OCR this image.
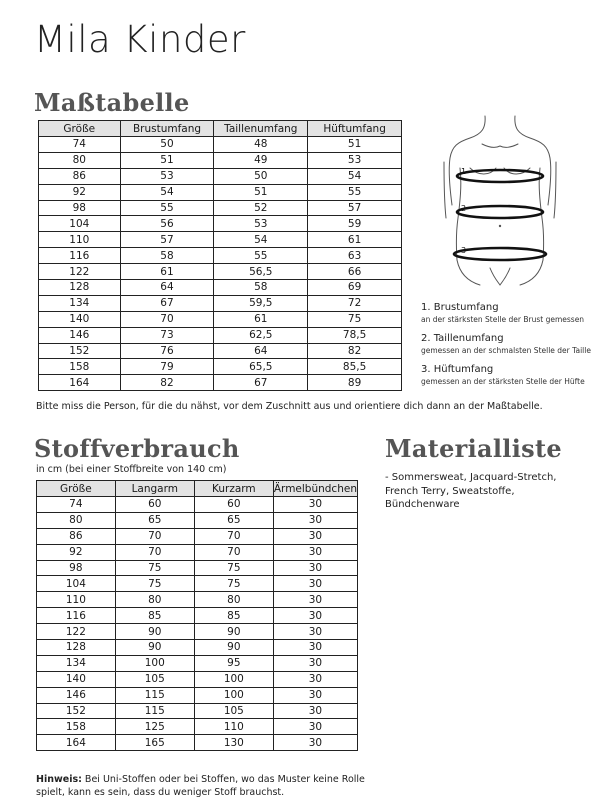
Mila Kinder
Maßtabelle
Größe	Brustumfang	Taillenumfang	Hüftumfang
74	50	48	51
80	51	49	53
86	53	50	54
92	54	51	55
98	55	52	57
104	56	53	59
110	57	54	61
116	58	55	63
122	61	56,5	66
128	64	58	69
134	67	59,5	72
140	70	61	75
146	73	62,5	78,5
152	76	64	82
158	79	65,5	85,5
164	82	67	89
Bitte miss die Person, für die du nähst, vor dem Zuschnitt aus und orientiere dich dann an der Maßtabelle.
1
2
3
1. Brustumfang
an der stärksten Stelle der Brust gemessen
2. Taillenumfang
gemessen an der schmalsten Stelle der Taille
3. Hüftumfang
gemessen an der stärksten Stelle der Hüfte
Stoffverbrauch
in cm (bei einer Stoffbreite von 140 cm)
Größe	Langarm	Kurzarm	Ärmelbündchen
74	60	60	30
80	65	65	30
86	70	70	30
92	70	70	30
98	75	75	30
104	75	75	30
110	80	80	30
116	85	85	30
122	90	90	30
128	90	90	30
134	100	95	30
140	105	100	30
146	115	100	30
152	115	105	30
158	125	110	30
164	165	130	30
Hinweis: Bei Uni-Stoffen oder bei Stoffen, wo das Muster keine Rolle spielt, kann es sein, dass du weniger Stoff brauchst.
Materialliste
- Sommersweat, Jacquard-Stretch,
French Terry, Sweatstoffe,
Bündchenware
